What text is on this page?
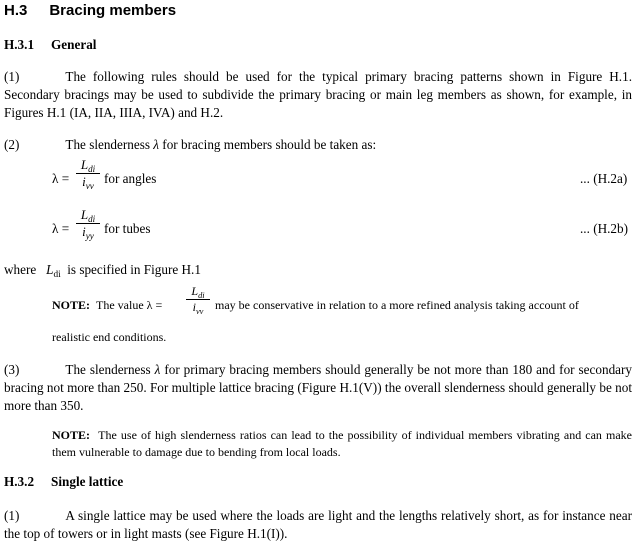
H.3 Bracing members
H.3.1 General
(1)	The following rules should be used for the typical primary bracing patterns shown in Figure H.1. Secondary bracings may be used to subdivide the primary bracing or main leg members as shown, for example, in Figures H.1 (IA, IIA, IIIA, IVA) and H.2.
(2)	The slenderness λ for bracing members should be taken as:
λ =
$L_{di}$
$i_{vv}$ for angles	... (H.2a)
λ =
$L_{di}$
$i_{yy}$ for tubes	... (H.2b)
where $L_{di}$ is specified in Figure H.1
NOTE: The value λ =
$L_{di}$
$i_{vv}$ may be conservative in relation to a more refined analysis taking account of
realistic end conditions.
(3)	The slenderness λ for primary bracing members should generally be not more than 180 and for secondary bracing not more than 250. For multiple lattice bracing (Figure H.1(V)) the overall slenderness should generally be not more than 350.
NOTE: The use of high slenderness ratios can lead to the possibility of individual members vibrating and can make them vulnerable to damage due to bending from local loads.
H.3.2 Single lattice
(1)	A single lattice may be used where the loads are light and the lengths relatively short, as for instance near the top of towers or in light masts (see Figure H.1(I)).
